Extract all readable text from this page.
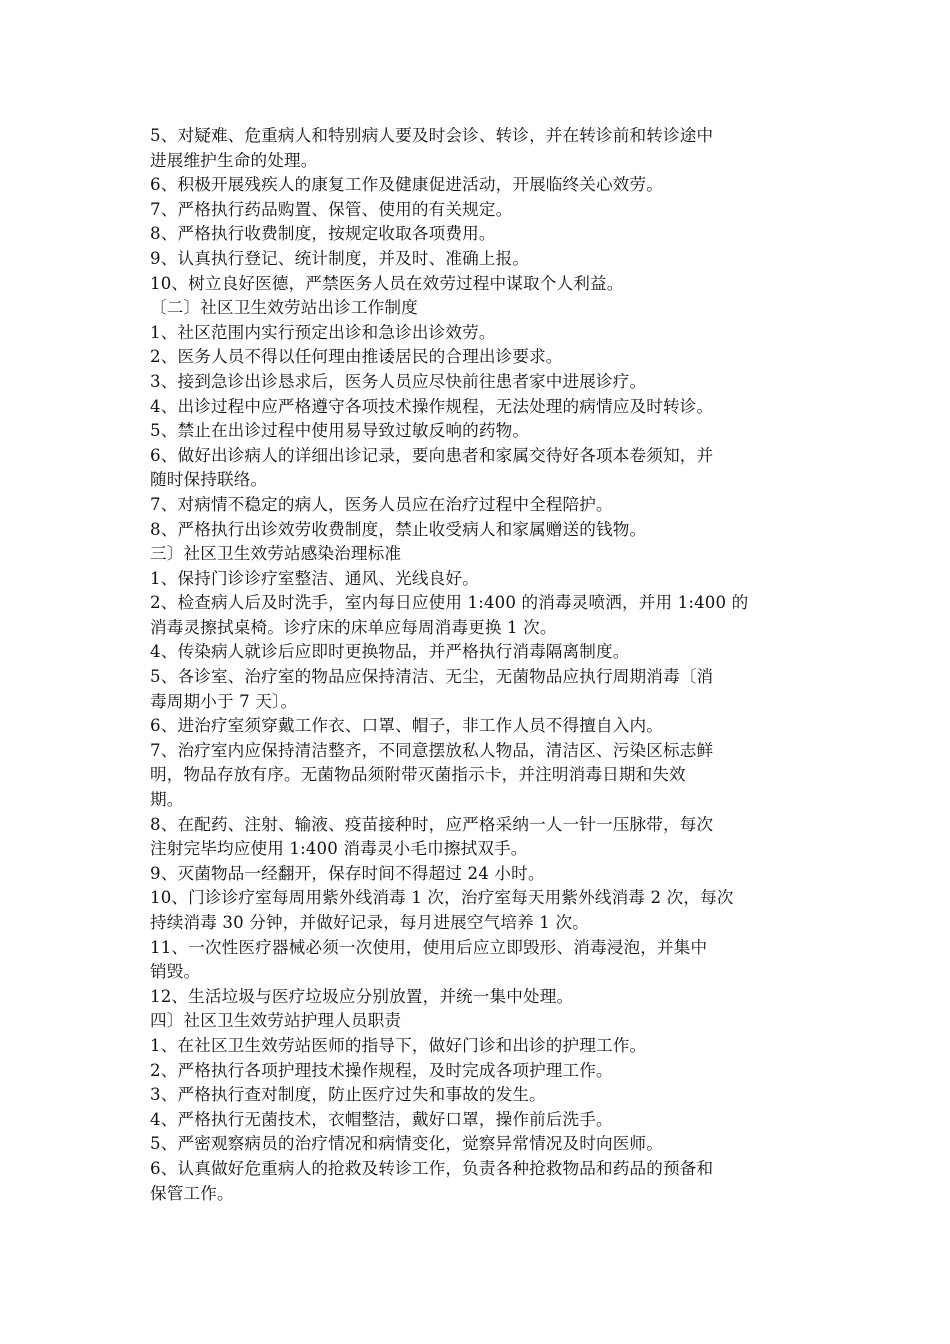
5、对疑难、危重病人和特别病人要及时会诊、转诊，并在转诊前和转诊途中
进展维护生命的处理。
6、积极开展残疾人的康复工作及健康促进活动，开展临终关心效劳。
7、严格执行药品购置、保管、使用的有关规定。
8、严格执行收费制度，按规定收取各项费用。
9、认真执行登记、统计制度，并及时、准确上报。
10、树立良好医德，严禁医务人员在效劳过程中谋取个人利益。
〔二〕社区卫生效劳站出诊工作制度
1、社区范围内实行预定出诊和急诊出诊效劳。
2、医务人员不得以任何理由推诿居民的合理出诊要求。
3、接到急诊出诊恳求后，医务人员应尽快前往患者家中进展诊疗。
4、出诊过程中应严格遵守各项技术操作规程，无法处理的病情应及时转诊。
5、禁止在出诊过程中使用易导致过敏反响的药物。
6、做好出诊病人的详细出诊记录，要向患者和家属交待好各项本卷须知，并
随时保持联络。
7、对病情不稳定的病人，医务人员应在治疗过程中全程陪护。
8、严格执行出诊效劳收费制度，禁止收受病人和家属赠送的钱物。
三〕社区卫生效劳站感染治理标准
1、保持门诊诊疗室整洁、通风、光线良好。
2、检查病人后及时洗手，室内每日应使用 1:400 的消毒灵喷洒，并用 1:400 的
消毒灵擦拭桌椅。诊疗床的床单应每周消毒更换 1 次。
4、传染病人就诊后应即时更换物品，并严格执行消毒隔离制度。
5、各诊室、治疗室的物品应保持清洁、无尘，无菌物品应执行周期消毒〔消
毒周期小于 7 天〕。
6、进治疗室须穿戴工作衣、口罩、帽子，非工作人员不得擅自入内。
7、治疗室内应保持清洁整齐，不同意摆放私人物品，清洁区、污染区标志鲜
明，物品存放有序。无菌物品须附带灭菌指示卡，并注明消毒日期和失效
期。
8、在配药、注射、输液、疫苗接种时，应严格采纳一人一针一压脉带，每次
注射完毕均应使用 1:400 消毒灵小毛巾擦拭双手。
9、灭菌物品一经翻开，保存时间不得超过 24 小时。
10、门诊诊疗室每周用紫外线消毒 1 次，治疗室每天用紫外线消毒 2 次，每次
持续消毒 30 分钟，并做好记录，每月进展空气培养 1 次。
11、一次性医疗器械必须一次使用，使用后应立即毁形、消毒浸泡，并集中
销毁。
12、生活垃圾与医疗垃圾应分别放置，并统一集中处理。
四〕社区卫生效劳站护理人员职责
1、在社区卫生效劳站医师的指导下，做好门诊和出诊的护理工作。
2、严格执行各项护理技术操作规程，及时完成各项护理工作。
3、严格执行查对制度，防止医疗过失和事故的发生。
4、严格执行无菌技术，衣帽整洁，戴好口罩，操作前后洗手。
5、严密观察病员的治疗情况和病情变化，觉察异常情况及时向医师。
6、认真做好危重病人的抢救及转诊工作，负责各种抢救物品和药品的预备和
保管工作。
